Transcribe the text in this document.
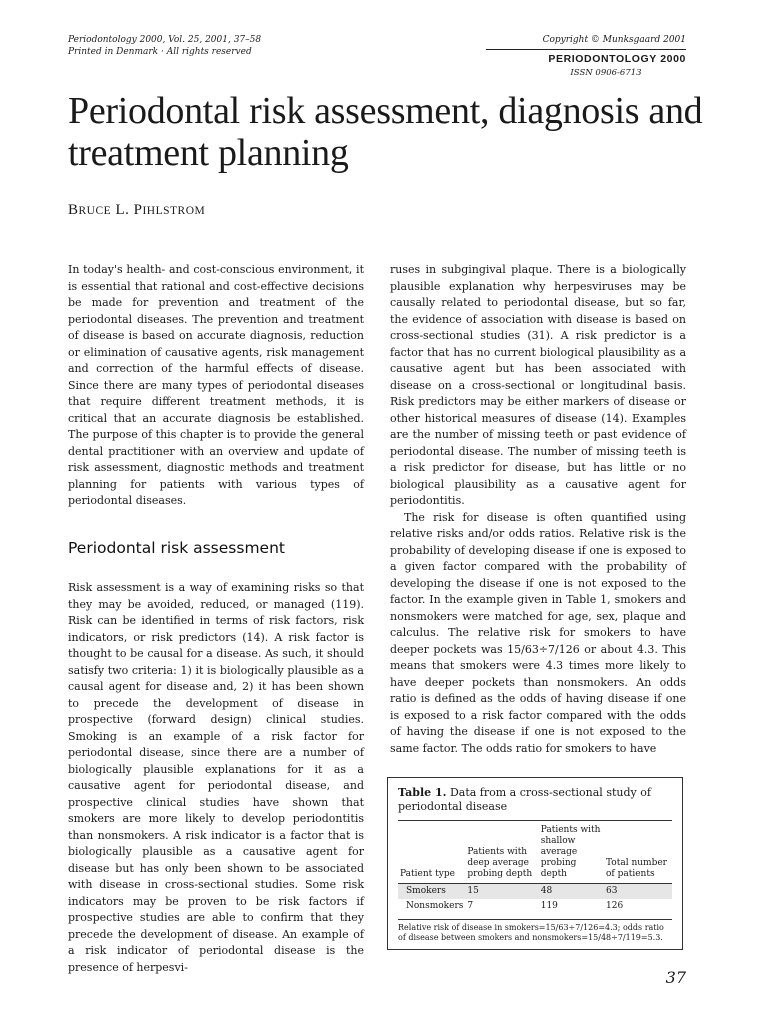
Periodontology 2000, Vol. 25, 2001, 37–58
Printed in Denmark · All rights reserved
Copyright © Munksgaard 2001
PERIODONTOLOGY 2000
ISSN 0906-6713
Periodontal risk assessment, diagnosis and treatment planning
BRUCE L. PIHLSTROM

In today's health- and cost-conscious environment, it is essential that rational and cost-effective decisions be made for prevention and treatment of the periodontal diseases. The prevention and treatment of disease is based on accurate diagnosis, reduction or elimination of causative agents, risk management and correction of the harmful effects of disease. Since there are many types of periodontal diseases that require different treatment methods, it is critical that an accurate diagnosis be established. The purpose of this chapter is to provide the general dental practitioner with an overview and update of risk assessment, diagnostic methods and treatment planning for patients with various types of periodontal diseases.

Periodontal risk assessment

Risk assessment is a way of examining risks so that they may be avoided, reduced, or managed (119). Risk can be identified in terms of risk factors, risk indicators, or risk predictors (14). A risk factor is thought to be causal for a disease. As such, it should satisfy two criteria: 1) it is biologically plausible as a causal agent for disease and, 2) it has been shown to precede the development of disease in prospective (forward design) clinical studies. Smoking is an example of a risk factor for periodontal disease, since there are a number of biologically plausible explanations for it as a causative agent for periodontal disease, and prospective clinical studies have shown that smokers are more likely to develop periodontitis than nonsmokers. A risk indicator is a factor that is biologically plausible as a causative agent for disease but has only been shown to be associated with disease in cross-sectional studies. Some risk indicators may be proven to be risk factors if prospective studies are able to confirm that they precede the development of disease. An example of a risk indicator of periodontal disease is the presence of herpesvi-

ruses in subgingival plaque. There is a biologically plausible explanation why herpesviruses may be causally related to periodontal disease, but so far, the evidence of association with disease is based on cross-sectional studies (31). A risk predictor is a factor that has no current biological plausibility as a causative agent but has been associated with disease on a cross-sectional or longitudinal basis. Risk predictors may be either markers of disease or other historical measures of disease (14). Examples are the number of missing teeth or past evidence of periodontal disease. The number of missing teeth is a risk predictor for disease, but has little or no biological plausibility as a causative agent for periodontitis.

The risk for disease is often quantified using relative risks and/or odds ratios. Relative risk is the probability of developing disease if one is exposed to a given factor compared with the probability of developing the disease if one is not exposed to the factor. In the example given in Table 1, smokers and nonsmokers were matched for age, sex, plaque and calculus. The relative risk for smokers to have deeper pockets was 15/63÷7/126 or about 4.3. This means that smokers were 4.3 times more likely to have deeper pockets than nonsmokers. An odds ratio is defined as the odds of having disease if one is exposed to a risk factor compared with the odds of having the disease if one is not exposed to the same factor. The odds ratio for smokers to have

Table 1. Data from a cross-sectional study of periodontal disease
Patient type	Patients with deep average probing depth	Patients with shallow average probing depth	Total number of patients
Smokers	15	48	63
Nonsmokers	7	119	126
Relative risk of disease in smokers=15/63÷7/126=4.3; odds ratio of disease between smokers and nonsmokers=15/48÷7/119=5.3.
37
